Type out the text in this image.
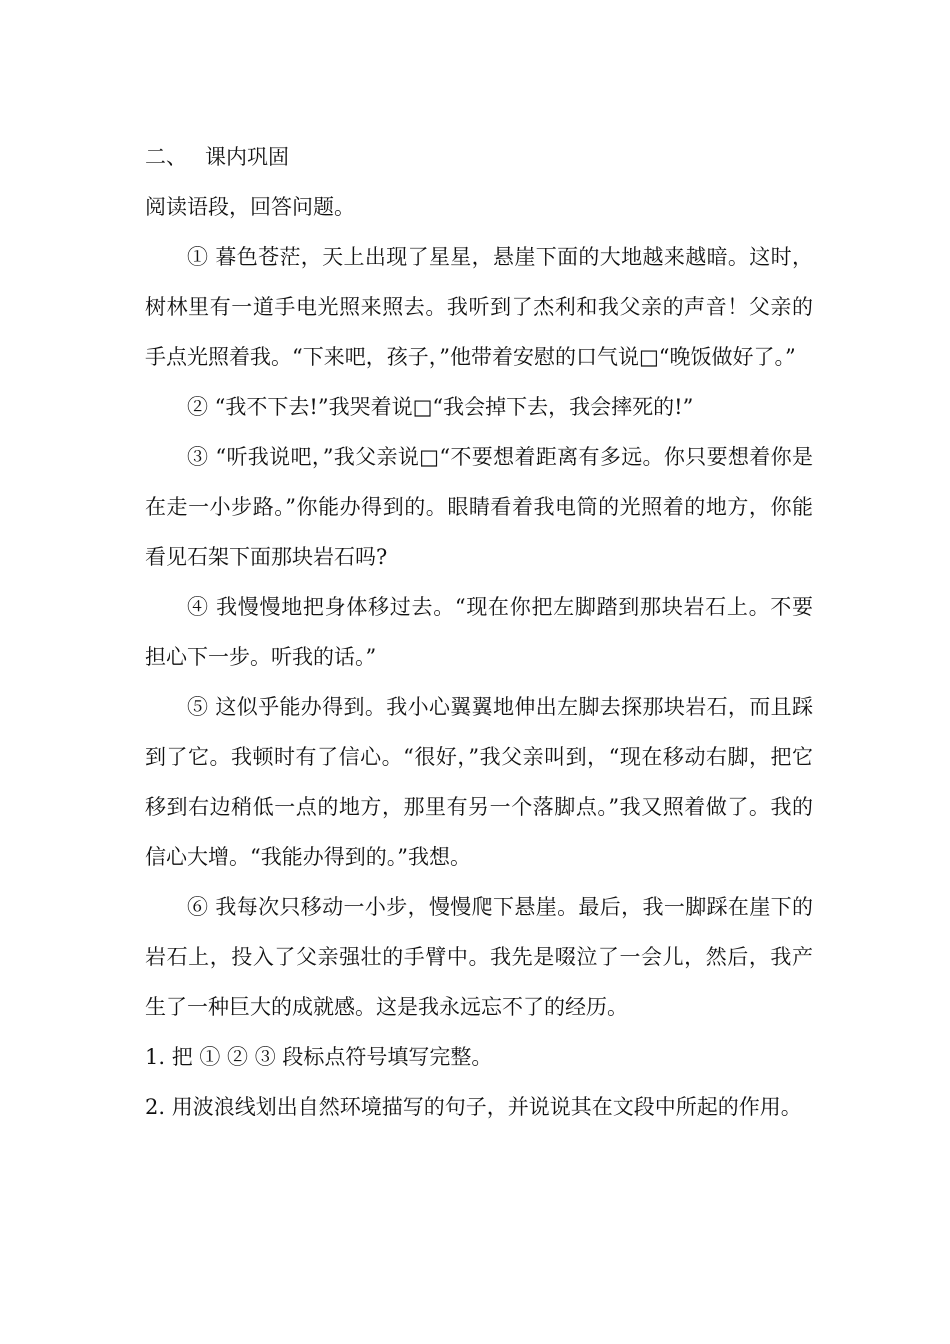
二、 课内巩固

阅读语段，回答问题。

① 暮色苍茫，天上出现了星星，悬崖下面的大地越来越暗。这时，树林里有一道手电光照来照去。我听到了杰利和我父亲的声音！父亲的手点光照着我。“下来吧，孩子，”他带着安慰的口气说□“晚饭做好了。”

② “我不下去!”我哭着说□“我会掉下去，我会摔死的!”

③ “听我说吧，”我父亲说□“不要想着距离有多远。你只要想着你是在走一小步路。”你能办得到的。眼睛看着我电筒的光照着的地方，你能看见石架下面那块岩石吗?

④ 我慢慢地把身体移过去。“现在你把左脚踏到那块岩石上。不要担心下一步。听我的话。”

⑤ 这似乎能办得到。我小心翼翼地伸出左脚去探那块岩石，而且踩到了它。我顿时有了信心。“很好，”我父亲叫到，“现在移动右脚，把它移到右边稍低一点的地方，那里有另一个落脚点。”我又照着做了。我的信心大增。“我能办得到的。”我想。

⑥ 我每次只移动一小步，慢慢爬下悬崖。最后，我一脚踩在崖下的岩石上，投入了父亲强壮的手臂中。我先是啜泣了一会儿，然后，我产生了一种巨大的成就感。这是我永远忘不了的经历。

1. 把 ① ② ③ 段标点符号填写完整。

2. 用波浪线划出自然环境描写的句子，并说说其在文段中所起的作用。
